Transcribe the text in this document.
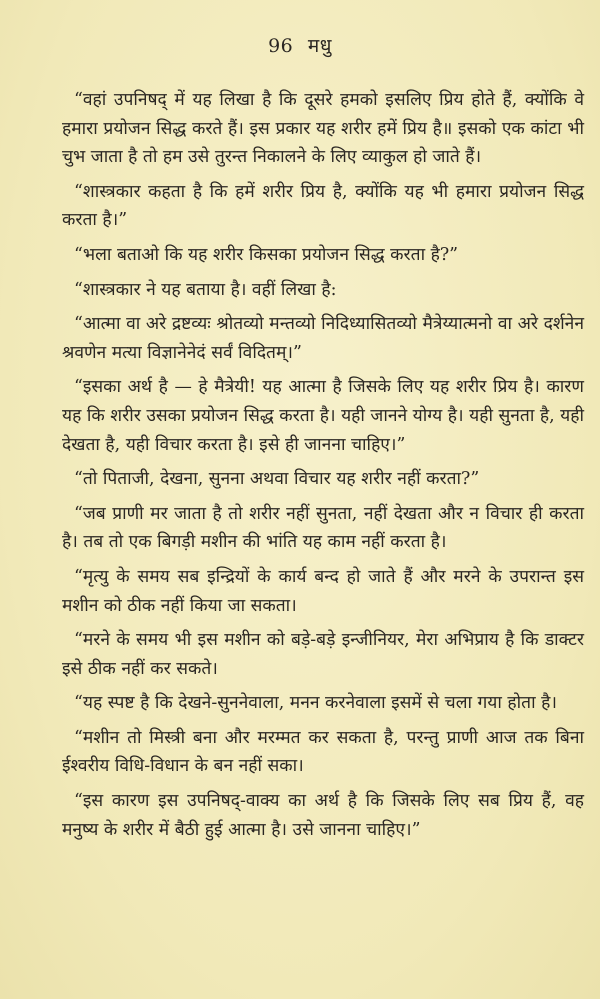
96 मधु

“वहां उपनिषद् में यह लिखा है कि दूसरे हमको इसलिए प्रिय होते हैं, क्योंकि वे हमारा प्रयोजन सिद्ध करते हैं। इस प्रकार यह शरीर हमें प्रिय है॥ इसको एक कांटा भी चुभ जाता है तो हम उसे तुरन्त निकालने के लिए व्याकुल हो जाते हैं।

“शास्त्रकार कहता है कि हमें शरीर प्रिय है, क्योंकि यह भी हमारा प्रयोजन सिद्ध करता है।”

“भला बताओ कि यह शरीर किसका प्रयोजन सिद्ध करता है?”

“शास्त्रकार ने यह बताया है। वहीं लिखा है:

“आत्मा वा अरे द्रष्टव्यः श्रोतव्यो मन्तव्यो निदिध्यासितव्यो मैत्रेय्यात्मनो वा अरे दर्शनेन श्रवणेन मत्या विज्ञानेनेदं सर्वं विदितम्।”

“इसका अर्थ है — हे मैत्रेयी! यह आत्मा है जिसके लिए यह शरीर प्रिय है। कारण यह कि शरीर उसका प्रयोजन सिद्ध करता है। यही जानने योग्य है। यही सुनता है, यही देखता है, यही विचार करता है। इसे ही जानना चाहिए।”

“तो पिताजी, देखना, सुनना अथवा विचार यह शरीर नहीं करता?”

“जब प्राणी मर जाता है तो शरीर नहीं सुनता, नहीं देखता और न विचार ही करता है। तब तो एक बिगड़ी मशीन की भांति यह काम नहीं करता है।

“मृत्यु के समय सब इन्द्रियों के कार्य बन्द हो जाते हैं और मरने के उपरान्त इस मशीन को ठीक नहीं किया जा सकता।

“मरने के समय भी इस मशीन को बड़े-बड़े इन्जीनियर, मेरा अभिप्राय है कि डाक्टर इसे ठीक नहीं कर सकते।

“यह स्पष्ट है कि देखने-सुननेवाला, मनन करनेवाला इसमें से चला गया होता है।

“मशीन तो मिस्त्री बना और मरम्मत कर सकता है, परन्तु प्राणी आज तक बिना ईश्वरीय विधि-विधान के बन नहीं सका।

“इस कारण इस उपनिषद्-वाक्य का अर्थ है कि जिसके लिए सब प्रिय हैं, वह मनुष्य के शरीर में बैठी हुई आत्मा है। उसे जानना चाहिए।”
